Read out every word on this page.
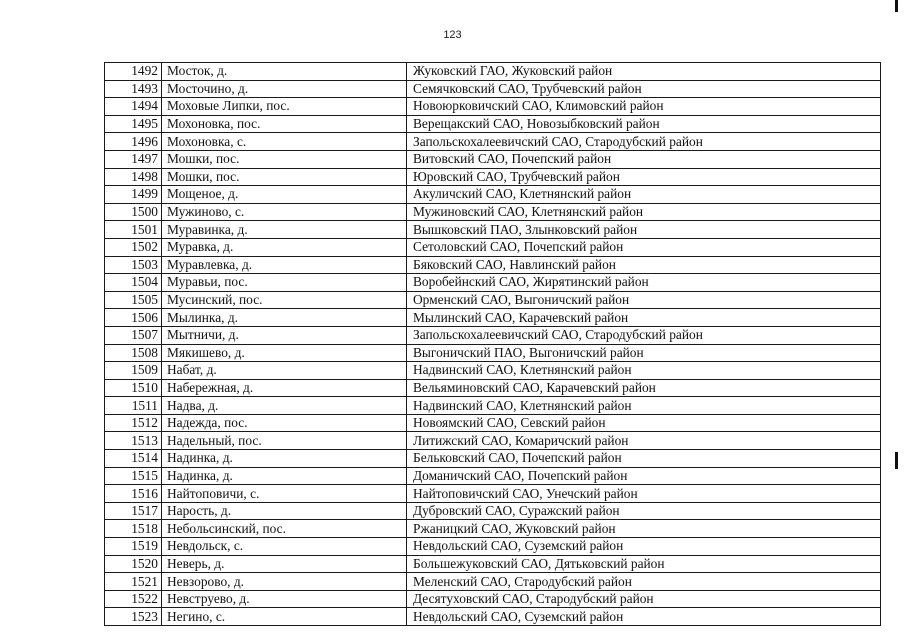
123
1492	Мосток, д.	Жуковский ГАО, Жуковский район
1493	Мосточино, д.	Семячковский САО, Трубчевский район
1494	Моховые Липки, пос.	Новоюрковичский САО, Климовский район
1495	Мохоновка, пос.	Верещакский САО, Новозыбковский район
1496	Мохоновка, с.	Запольскохалеевичский САО, Стародубский район
1497	Мошки, пос.	Витовский САО, Почепский район
1498	Мошки, пос.	Юровский САО, Трубчевский район
1499	Мощеное, д.	Акуличский САО, Клетнянский район
1500	Мужиново, с.	Мужиновский САО, Клетнянский район
1501	Муравинка, д.	Вышковский ПАО, Злынковский район
1502	Муравка, д.	Сетоловский САО, Почепский район
1503	Муравлевка, д.	Бяковский САО, Навлинский район
1504	Муравьи, пос.	Воробейнский САО, Жирятинский район
1505	Мусинский, пос.	Орменский САО, Выгоничский район
1506	Мылинка, д.	Мылинский САО, Карачевский район
1507	Мытничи, д.	Запольскохалеевичский САО, Стародубский район
1508	Мякишево, д.	Выгоничский ПАО, Выгоничский район
1509	Набат, д.	Надвинский САО, Клетнянский район
1510	Набережная, д.	Вельяминовский САО, Карачевский район
1511	Надва, д.	Надвинский САО, Клетнянский район
1512	Надежда, пос.	Новоямский САО, Севский район
1513	Надельный, пос.	Литижский САО, Комаричский район
1514	Надинка, д.	Бельковский САО, Почепский район
1515	Надинка, д.	Доманичский САО, Почепский район
1516	Найтоповичи, с.	Найтоповичский САО, Унечский район
1517	Нарость, д.	Дубровский САО, Суражский район
1518	Небольсинский, пос.	Ржаницкий САО, Жуковский район
1519	Невдольск, с.	Невдольский САО, Суземский район
1520	Неверь, д.	Большежуковский САО, Дятьковский район
1521	Невзорово, д.	Меленский САО, Стародубский район
1522	Невструево, д.	Десятуховский САО, Стародубский район
1523	Негино, с.	Невдольский САО, Суземский район
